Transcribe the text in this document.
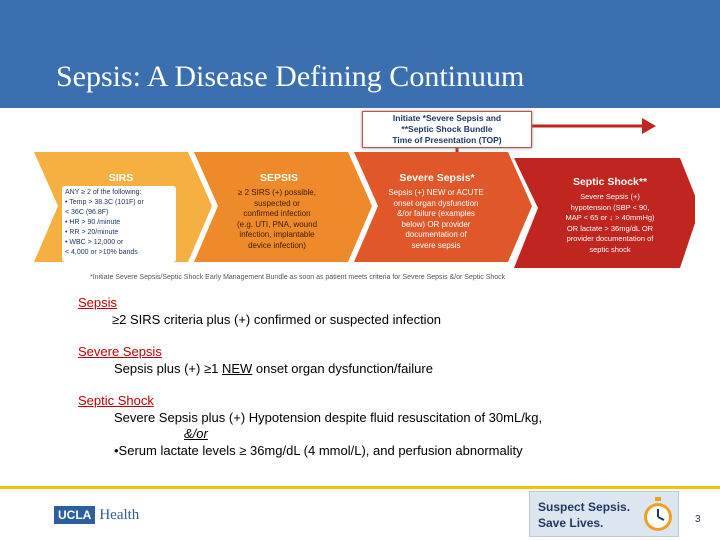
Sepsis: A Disease Defining Continuum
Initiate *Severe Sepsis and
**Septic Shock Bundle
Time of Presentation (TOP)
SIRS
ANY ≥ 2 of the following:
• Temp > 38.3C (101F) or
< 36C (96.8F)
• HR > 90 /minute
• RR > 20/minute
• WBC > 12,000 or
< 4,000 or >10% bands
SEPSIS
≥ 2 SIRS (+) possible,
suspected or
confirmed infection
(e.g. UTI, PNA, wound
infection, implantable
device infection)
Severe Sepsis*
Sepsis (+) NEW or ACUTE
onset organ dysfunction
&/or failure (examples
below) OR provider
documentation of
severe sepsis
Septic Shock**
Severe Sepsis (+)
hypotension (SBP < 90,
MAP < 65 or ↓ > 40mmHg)
OR lactate > 36mg/dL OR
provider documentation of
septic shock
*Initiate Severe Sepsis/Septic Shock Early Management Bundle as soon as patient meets criteria for Severe Sepsis &/or Septic Shock
Sepsis
≥2 SIRS criteria plus (+) confirmed or suspected infection
Severe Sepsis
Sepsis plus (+) ≥1 NEW onset organ dysfunction/failure
Septic Shock
Severe Sepsis plus (+) Hypotension despite fluid resuscitation of 30mL/kg,
&/or
•Serum lactate levels ≥ 36mg/dL (4 mmol/L), and perfusion abnormality
UCLA Health	Suspect Sepsis.
Save Lives.	3
